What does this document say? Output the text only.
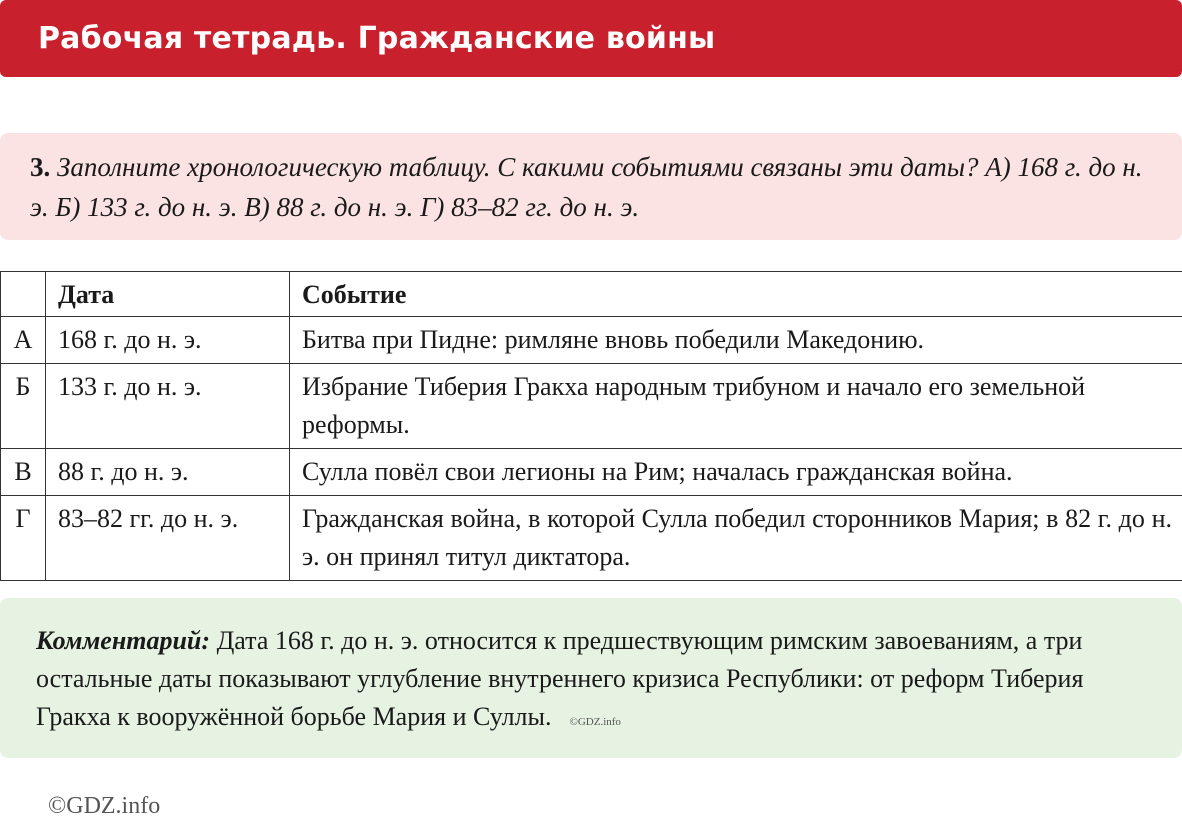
Рабочая тетрадь. Гражданские войны

3. Заполните хронологическую таблицу. С какими событиями связаны эти даты? А) 168 г. до н. э. Б) 133 г. до н. э. В) 88 г. до н. э. Г) 83–82 гг. до н. э.

	Дата	Событие
А	168 г. до н. э.	Битва при Пидне: римляне вновь победили Македонию.
Б	133 г. до н. э.	Избрание Тиберия Гракха народным трибуном и начало его земельной реформы.
В	88 г. до н. э.	Сулла повёл свои легионы на Рим; началась гражданская война.
Г	83–82 гг. до н. э.	Гражданская война, в которой Сулла победил сторонников Мария; в 82 г. до н. э. он принял титул диктатора.

Комментарий: Дата 168 г. до н. э. относится к предшествующим римским завоеваниям, а три остальные даты показывают углубление внутреннего кризиса Республики: от реформ Тиберия Гракха к вооружённой борьбе Мария и Суллы. ©GDZ.info

©GDZ.info
